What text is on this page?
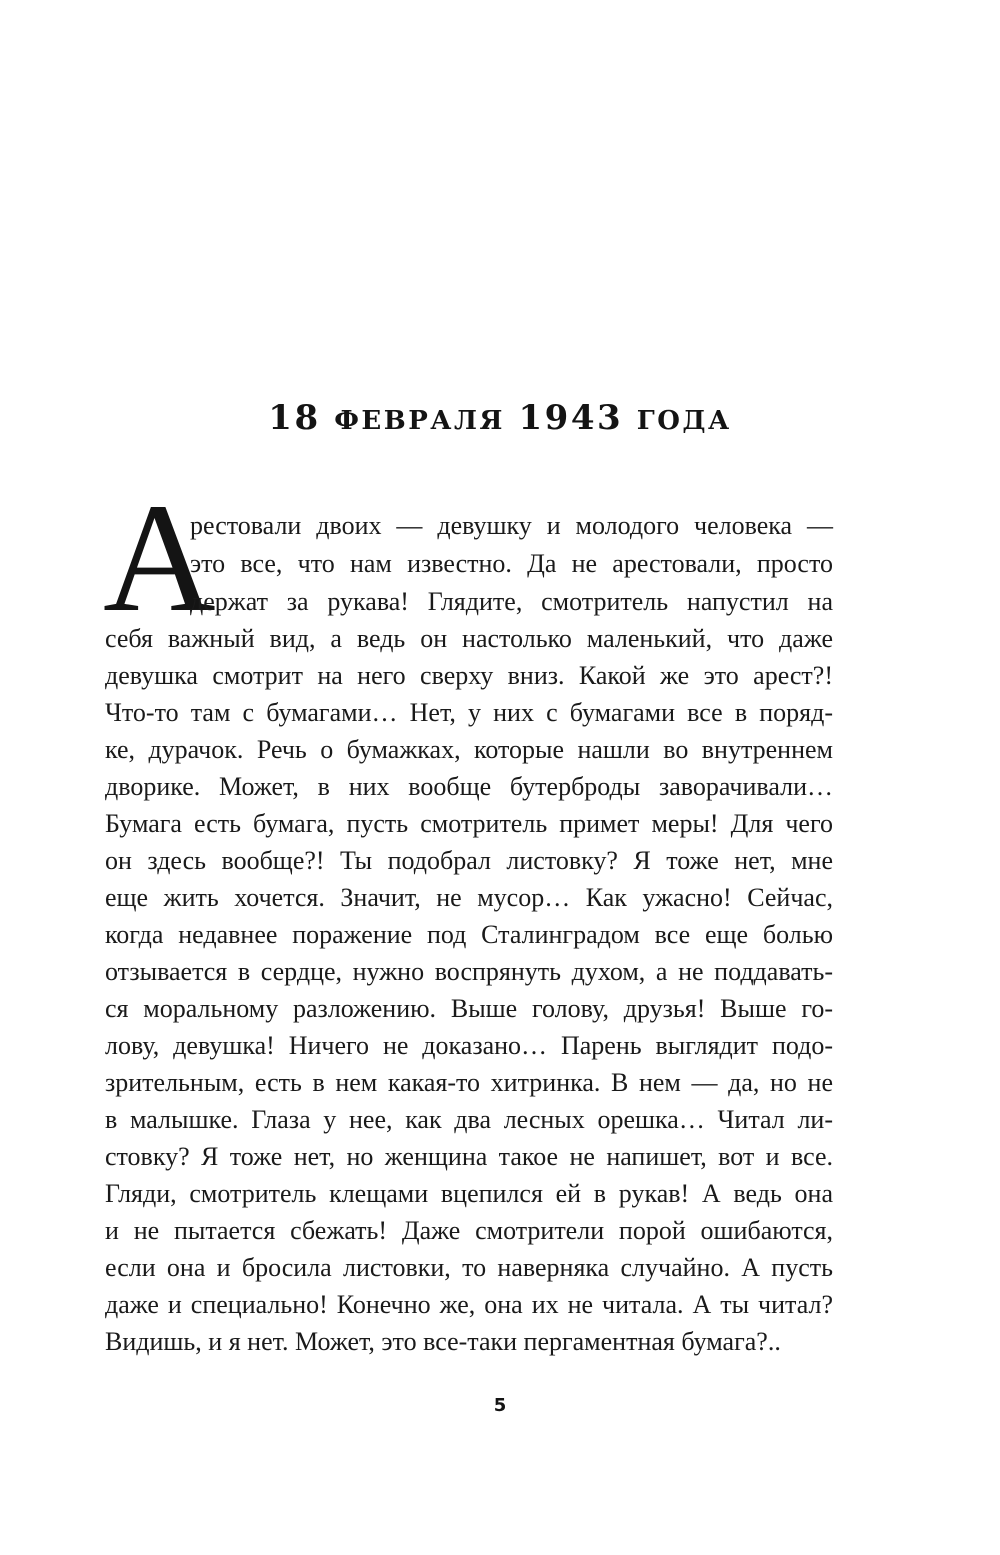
18 ФЕВРАЛЯ 1943 ГОДА
А

рестовали двоих — девушку и молодого человека —

это все, что нам известно. Да не арестовали, просто

держат за рукава! Глядите, смотритель напустил на

себя важный вид, а ведь он настолько маленький, что даже

девушка смотрит на него сверху вниз. Какой же это арест?!

Что-то там с бумагами… Нет, у них с бумагами все в поряд-

ке, дурачок. Речь о бумажках, которые нашли во внутреннем

дворике. Может, в них вообще бутерброды заворачивали…

Бумага есть бумага, пусть смотритель примет меры! Для чего

он здесь вообще?! Ты подобрал листовку? Я тоже нет, мне

еще жить хочется. Значит, не мусор… Как ужасно! Сейчас,

когда недавнее поражение под Сталинградом все еще болью

отзывается в сердце, нужно воспрянуть духом, а не поддавать-

ся моральному разложению. Выше голову, друзья! Выше го-

лову, девушка! Ничего не доказано… Парень выглядит подо-

зрительным, есть в нем какая-то хитринка. В нем — да, но не

в малышке. Глаза у нее, как два лесных орешка… Читал ли-

стовку? Я тоже нет, но женщина такое не напишет, вот и все.

Гляди, смотритель клещами вцепился ей в рукав! А ведь она

и не пытается сбежать! Даже смотрители порой ошибаются,

если она и бросила листовки, то наверняка случайно. А пусть

даже и специально! Конечно же, она их не читала. А ты читал?

Видишь, и я нет. Может, это все-таки пергаментная бумага?..

5
